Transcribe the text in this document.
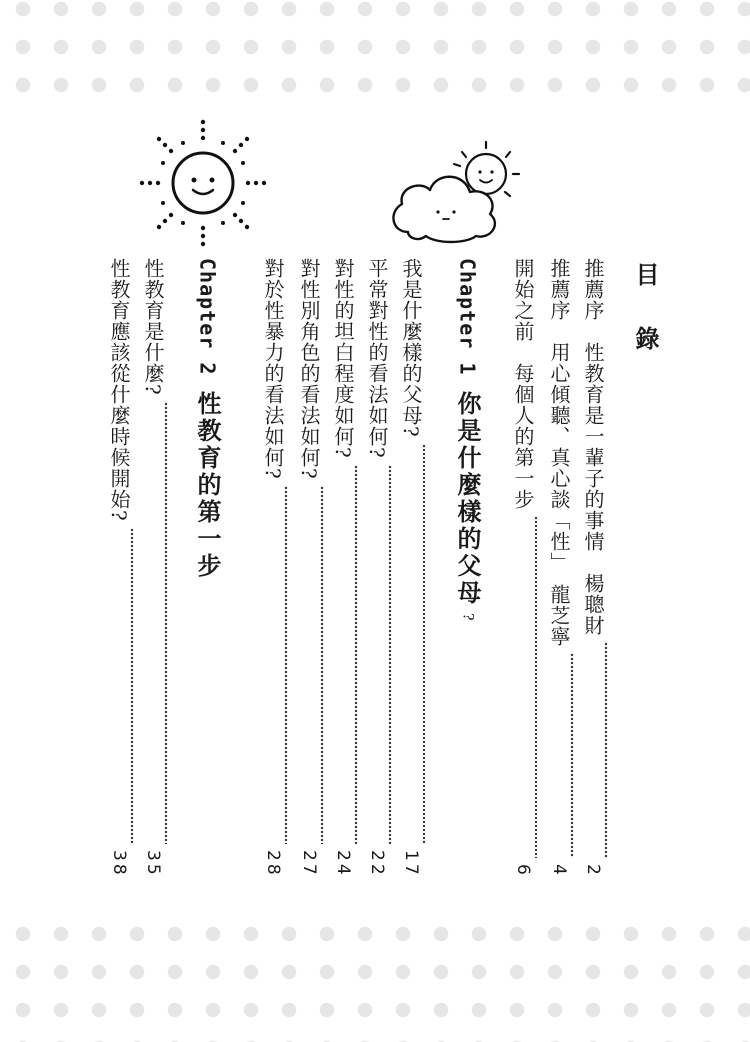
目錄
推薦序　性教育是一輩子的事情　楊聰財
2
推薦序　用心傾聽、真心談「性」　龍芝寧
4
開始之前　每個人的第一步
6
Chapter 1
你是什麼樣的父母
?
我是什麼樣的父母?
17
平常對性的看法如何?
22
對性的坦白程度如何?
24
對性別角色的看法如何?
27
對於性暴力的看法如何?
28
Chapter 2
性教育的第一步
性教育是什麼?
35
性教育應該從什麼時候開始?
38
